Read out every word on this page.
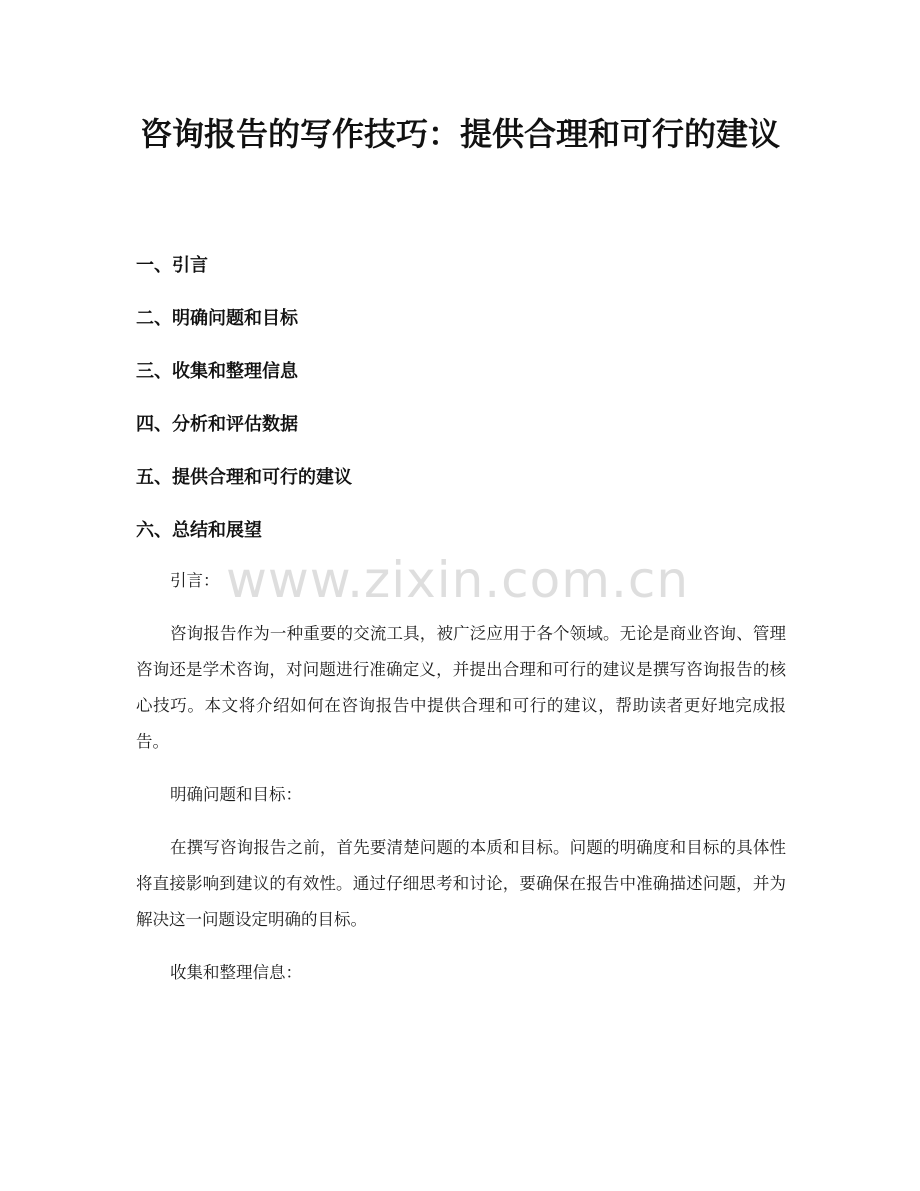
咨询报告的写作技巧：提供合理和可行的建议
一、引言
二、明确问题和目标
三、收集和整理信息
四、分析和评估数据
五、提供合理和可行的建议
六、总结和展望

引言：

咨询报告作为一种重要的交流工具，被广泛应用于各个领域。无论是商业咨询、管理咨询还是学术咨询，对问题进行准确定义，并提出合理和可行的建议是撰写咨询报告的核心技巧。本文将介绍如何在咨询报告中提供合理和可行的建议，帮助读者更好地完成报告。

明确问题和目标：

在撰写咨询报告之前，首先要清楚问题的本质和目标。问题的明确度和目标的具体性将直接影响到建议的有效性。通过仔细思考和讨论，要确保在报告中准确描述问题，并为解决这一问题设定明确的目标。

收集和整理信息：

www.zixin.com.cn
